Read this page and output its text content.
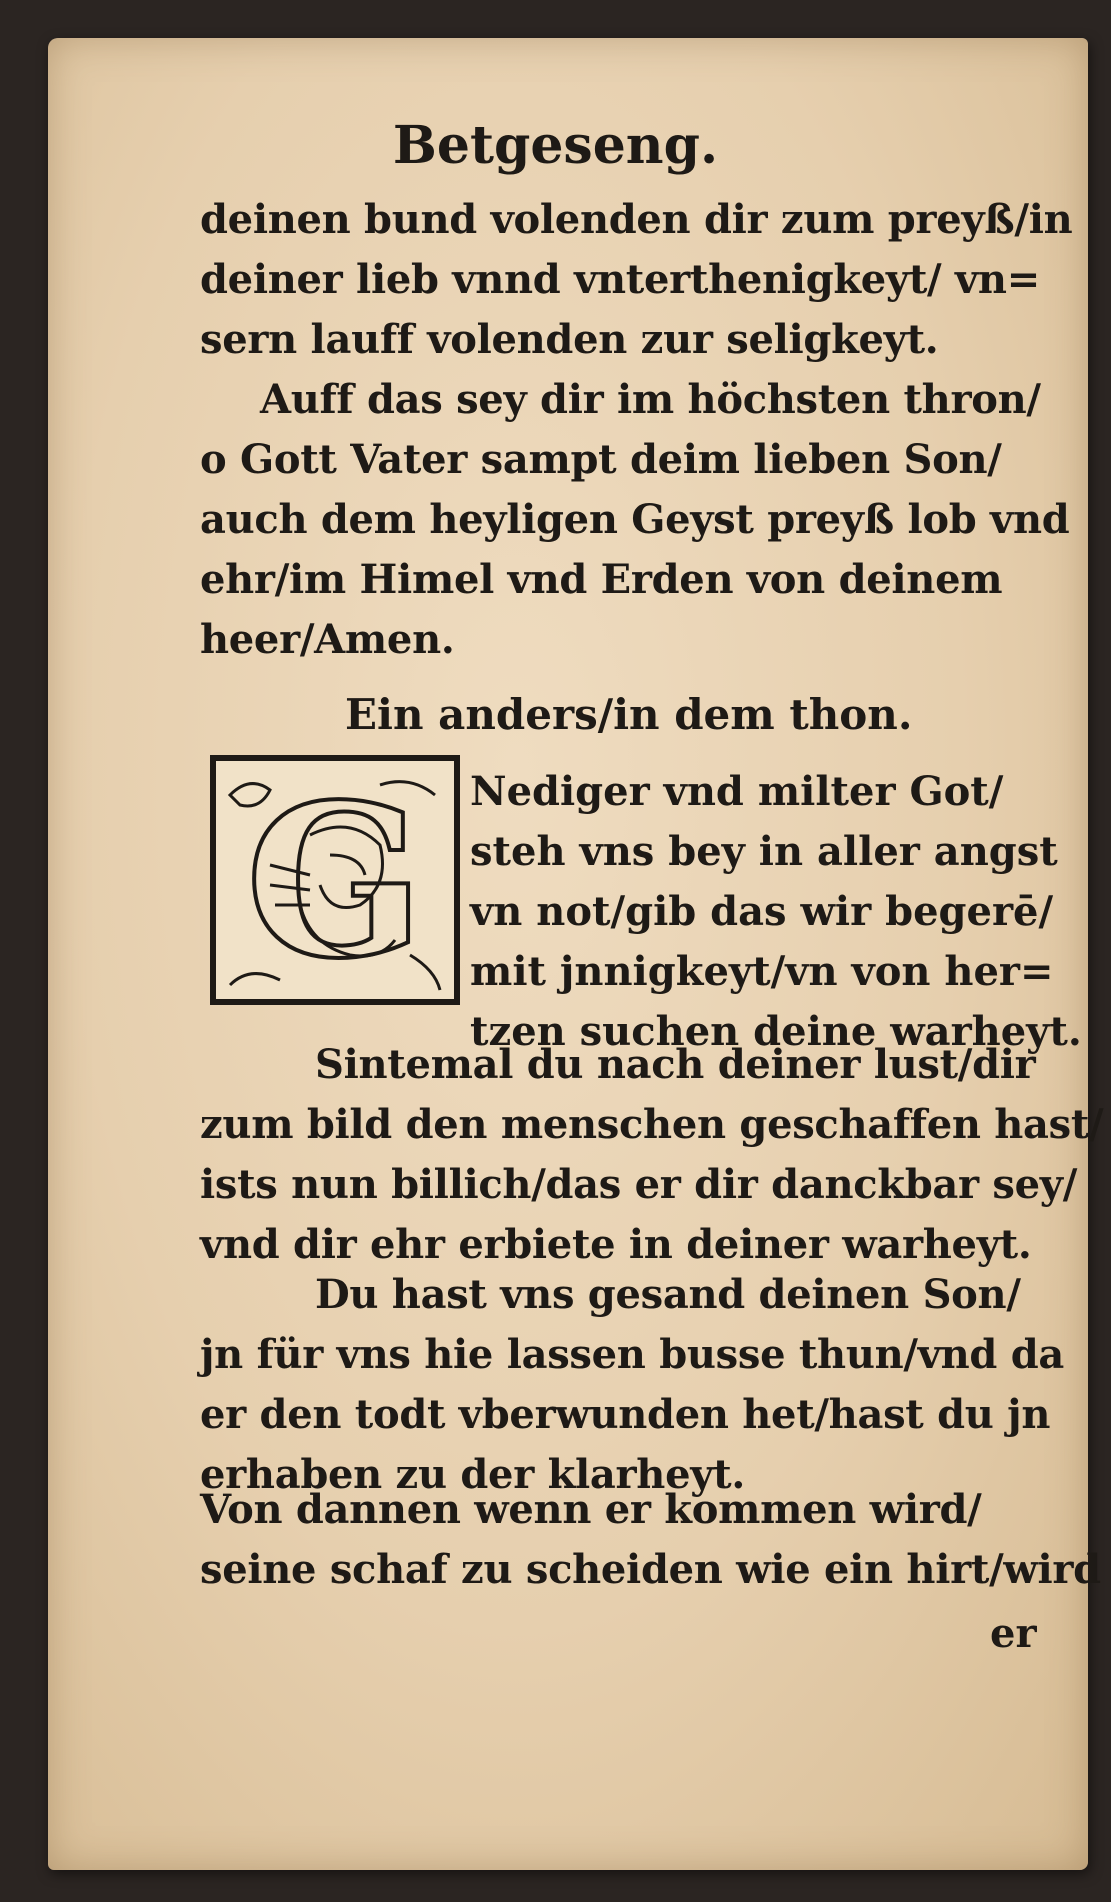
Betgeseng.
deinen bund volenden dir zum preyß/in
deiner lieb vnnd vnterthenigkeyt/ vn=
sern lauff volenden zur seligkeyt.
Auff das sey dir im höchsten thron/
o Gott Vater sampt deim lieben Son/
auch dem heyligen Geyst preyß lob vnd
ehr/im Himel vnd Erden von deinem
heer/Amen.
Ein anders/in dem thon.
G Nediger vnd milter Got/
steh vns bey in aller angst
vn not/gib das wir begerē/
mit jnnigkeyt/vn von her=
tzen suchen deine warheyt.
Sintemal du nach deiner lust/dir
zum bild den menschen geschaffen hast/
ists nun billich/das er dir danckbar sey/
vnd dir ehr erbiete in deiner warheyt.
Du hast vns gesand deinen Son/
jn für vns hie lassen busse thun/vnd da
er den todt vberwunden het/hast du jn
erhaben zu der klarheyt.
Von dannen wenn er kommen wird/
seine schaf zu scheiden wie ein hirt/wird
er
